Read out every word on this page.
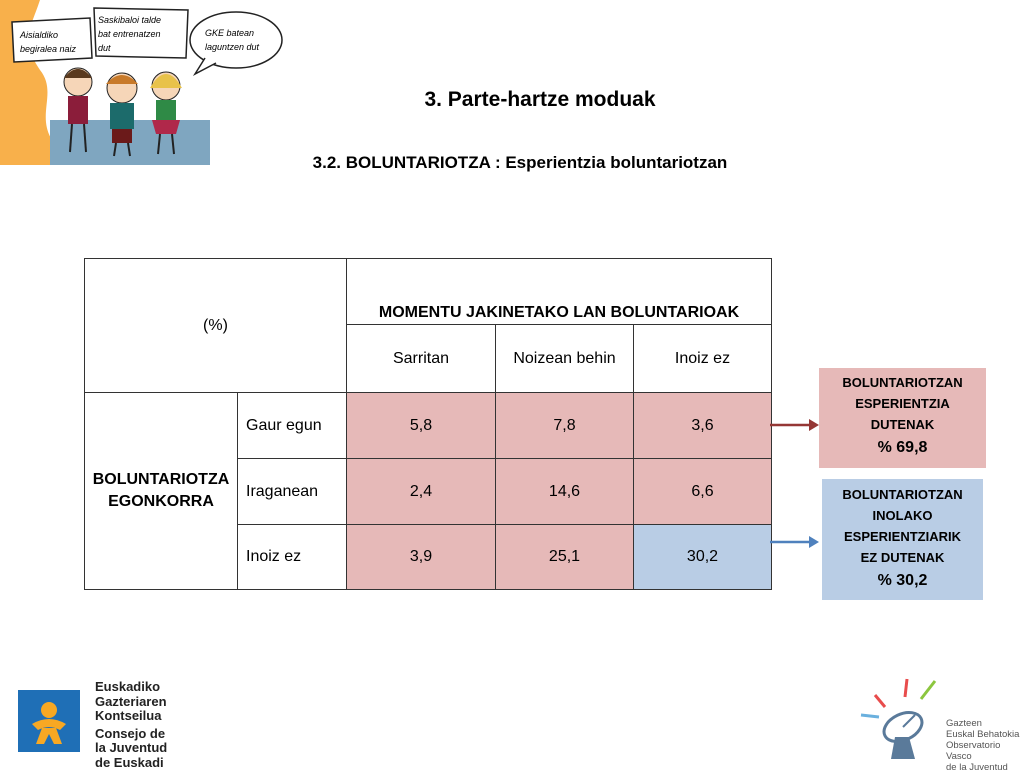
Aisialdiko
begiralea naiz
Saskibaloi talde
bat entrenatzen
dut
GKE batean
laguntzen dut
3. Parte-hartze moduak
3.2. BOLUNTARIOTZA : Esperientzia boluntariotzan
(%)		MOMENTU JAKINETAKO LAN BOLUNTARIOAK		
		Sarritan	Noizean behin	Inoiz ez
BOLUNTARIOTZA EGONKORRA	Gaur egun	5,8	7,8	3,6
	Iraganean	2,4	14,6	6,6
	Inoiz ez	3,9	25,1	30,2
BOLUNTARIOTZAN
ESPERIENTZIA
DUTENAK
% 69,8
BOLUNTARIOTZAN
INOLAKO
ESPERIENTZIARIK
EZ DUTENAK
% 30,2
Euskadiko
Gazteriaren
Kontseilua
Consejo de
la Juventud
de Euskadi
Gazteen
Euskal Behatokia
Observatorio Vasco
de la Juventud
